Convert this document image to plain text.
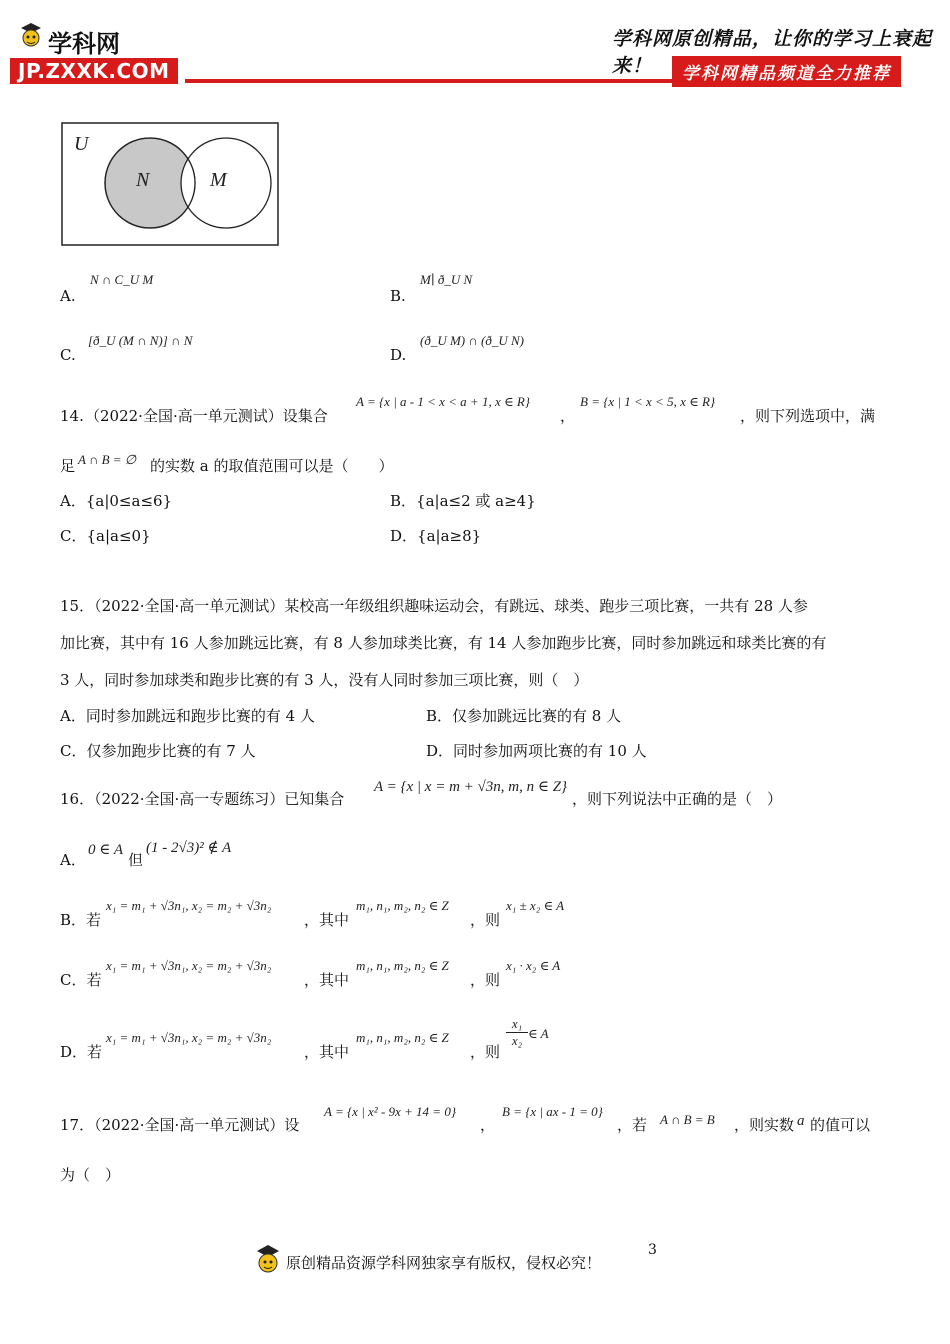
学科网
JP.ZXXK.COM
学科网原创精品，让你的学习上衰起来！	学科网精品频道全力推荐
U
N	M
A.
N ∩ C_U M
B.
M∣ ð_U N
C.
[ð_U (M ∩ N)] ∩ N
D.
(ð_U M) ∩ (ð_U N)
14. （2022·全国·高一单元测试）设集合
A = {x | a - 1 < x < a + 1, x ∈ R}
，
B = {x | 1 < x < 5, x ∈ R}
，则下列选项中，满
足 A ∩ B = ∅ 的实数 a 的取值范围可以是（　　）
A．{a|0≤a≤6}	B．{a|a≤2 或 a≥4}
C．{a|a≤0}	D．{a|a≥8}
15．（2022·全国·高一单元测试）某校高一年级组织趣味运动会，有跳远、球类、跑步三项比赛，一共有 28 人参
加比赛，其中有 16 人参加跳远比赛，有 8 人参加球类比赛，有 14 人参加跑步比赛，同时参加跳远和球类比赛的有
3 人，同时参加球类和跑步比赛的有 3 人，没有人同时参加三项比赛，则（　）
A．同时参加跳远和跑步比赛的有 4 人	B．仅参加跳远比赛的有 8 人
C．仅参加跑步比赛的有 7 人	D．同时参加两项比赛的有 10 人
16．（2022·全国·高一专题练习）已知集合
A = {x | x = m + √3n, m, n ∈ Z}
，则下列说法中正确的是（　）
A．
0 ∈ A
但
(1 - 2√3)² ∉ A
B．若
x₁ = m₁ + √3n₁, x₂ = m₂ + √3n₂
，其中
m₁, n₁, m₂, n₂ ∈ Z
，则
x₁ ± x₂ ∈ A
C．若
x₁ = m₁ + √3n₁, x₂ = m₂ + √3n₂
，其中
m₁, n₁, m₂, n₂ ∈ Z
，则
x₁ · x₂ ∈ A
D．若
x₁ = m₁ + √3n₁, x₂ = m₂ + √3n₂
，其中
m₁, n₁, m₂, n₂ ∈ Z
，则
$\frac{\text{x₁}}{\text{x₂}}$ ∈ A
17．（2022·全国·高一单元测试）设
A = {x | x² - 9x + 14 = 0}
，
B = {x | ax - 1 = 0}
，若 A ∩ B = B ，则实数 a 的值可以
为（　）
原创精品资源学科网独家享有版权，侵权必究！
3
